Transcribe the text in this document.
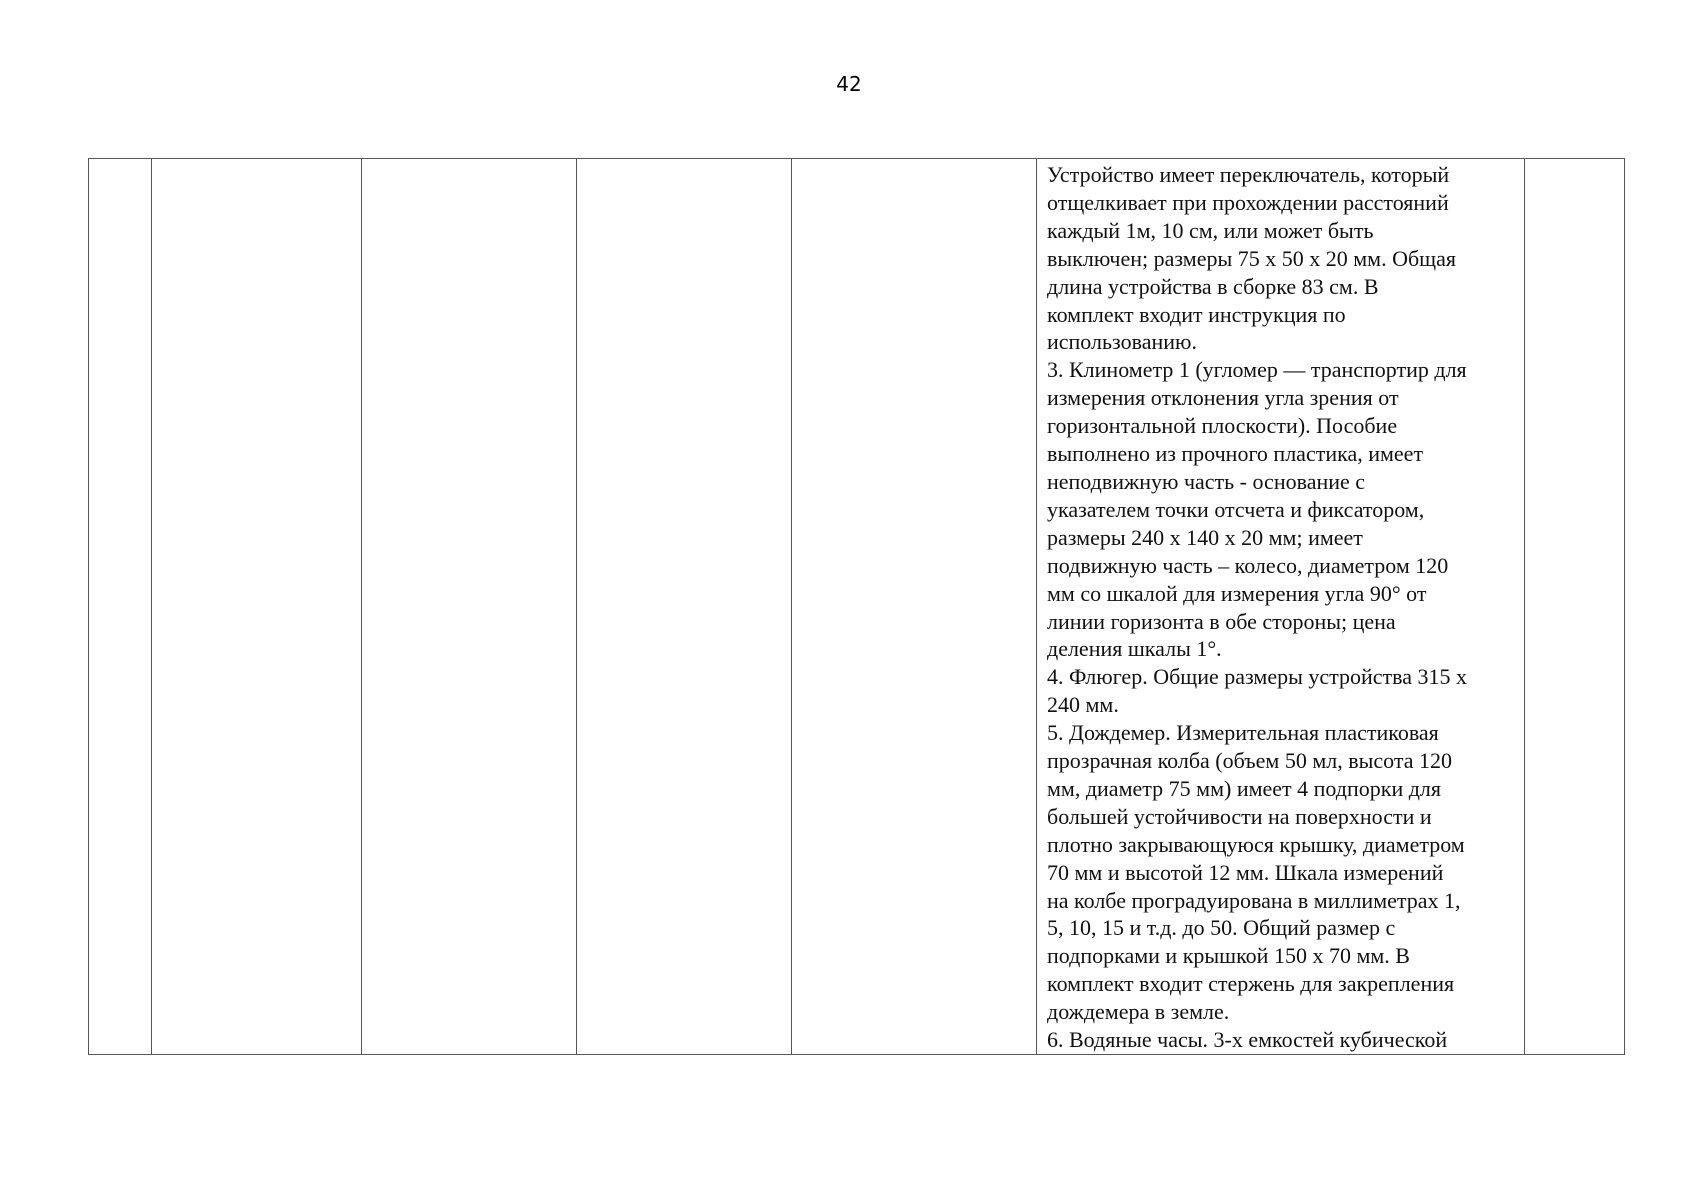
42
					Устройство имеет переключатель, который
отщелкивает при прохождении расстояний
каждый 1м, 10 см, или может быть
выключен; размеры 75 х 50 х 20 мм. Общая
длина устройства в сборке 83 см. В
комплект входит инструкция по
использованию.
3. Клинометр 1 (угломер — транспортир для
измерения отклонения угла зрения от
горизонтальной плоскости). Пособие
выполнено из прочного пластика, имеет
неподвижную часть - основание с
указателем точки отсчета и фиксатором,
размеры 240 х 140 х 20 мм; имеет
подвижную часть – колесо, диаметром 120
мм со шкалой для измерения угла 90° от
линии горизонта в обе стороны; цена
деления шкалы 1°.
4. Флюгер. Общие размеры устройства 315 х
240 мм.
5. Дождемер. Измерительная пластиковая
прозрачная колба (объем 50 мл, высота 120
мм, диаметр 75 мм) имеет 4 подпорки для
большей устойчивости на поверхности и
плотно закрывающуюся крышку, диаметром
70 мм и высотой 12 мм. Шкала измерений
на колбе проградуирована в миллиметрах 1,
5, 10, 15 и т.д. до 50. Общий размер с
подпорками и крышкой 150 х 70 мм. В
комплект входит стержень для закрепления
дождемера в земле.
6. Водяные часы. 3-х емкостей кубической	
